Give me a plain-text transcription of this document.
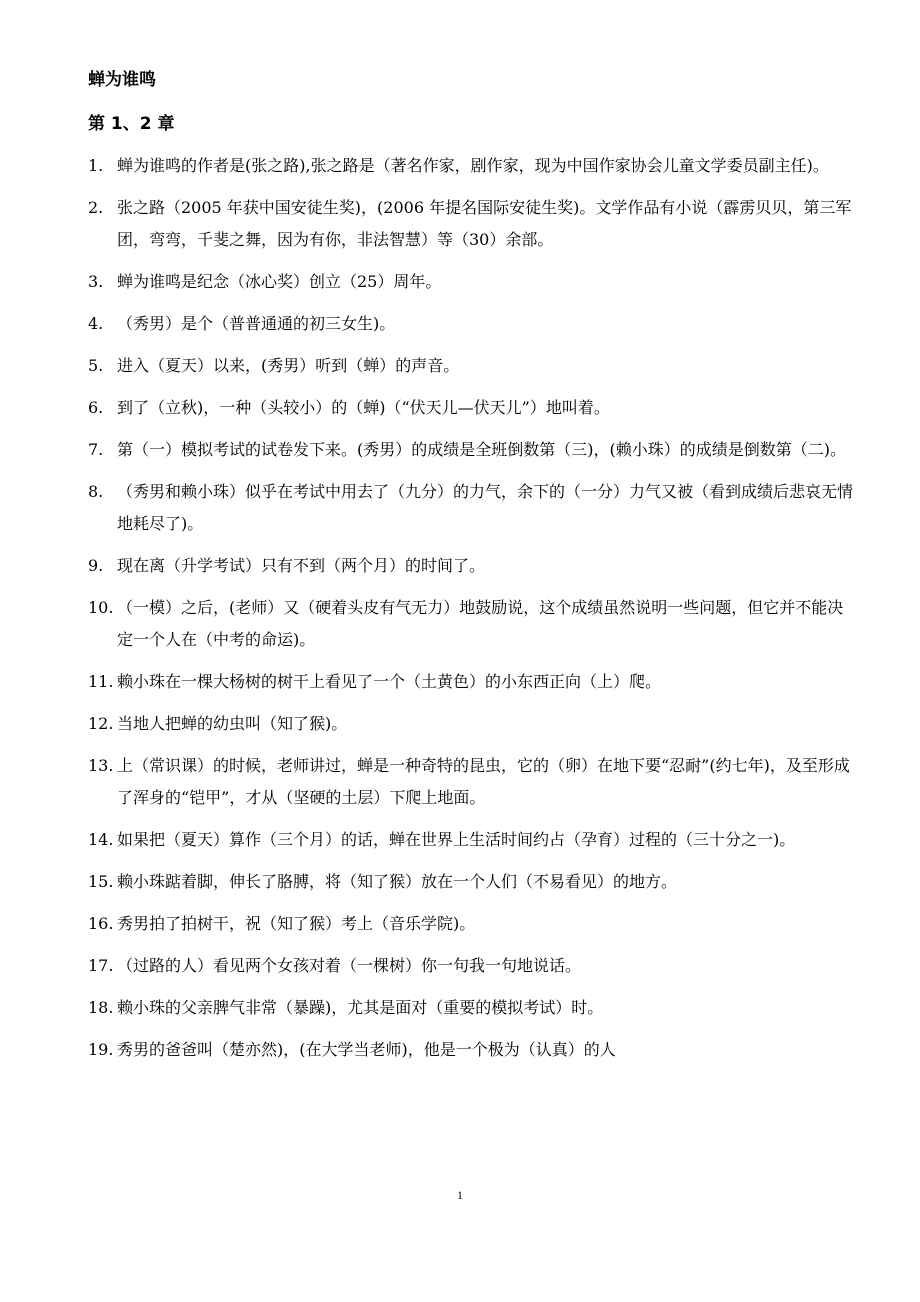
蝉为谁鸣
第 1、2 章
1. 蝉为谁鸣的作者是(张之路),张之路是（著名作家，剧作家，现为中国作家协会儿童文学委员副主任)。
2. 张之路（2005 年获中国安徒生奖)，(2006 年提名国际安徒生奖)。文学作品有小说（霹雳贝贝，第三军团，弯弯，千斐之舞，因为有你，非法智慧）等（30）余部。
3. 蝉为谁鸣是纪念（冰心奖）创立（25）周年。
4. （秀男）是个（普普通通的初三女生)。
5. 进入（夏天）以来，(秀男）听到（蝉）的声音。
6. 到了（立秋)，一种（头较小）的（蝉)（“伏天儿—伏天儿”）地叫着。
7. 第（一）模拟考试的试卷发下来。(秀男）的成绩是全班倒数第（三)，(赖小珠）的成绩是倒数第（二)。
8. （秀男和赖小珠）似乎在考试中用去了（九分）的力气，余下的（一分）力气又被（看到成绩后悲哀无情地耗尽了)。
9. 现在离（升学考试）只有不到（两个月）的时间了。
10. （一模）之后，(老师）又（硬着头皮有气无力）地鼓励说，这个成绩虽然说明一些问题，但它并不能决定一个人在（中考的命运)。
11. 赖小珠在一棵大杨树的树干上看见了一个（土黄色）的小东西正向（上）爬。
12. 当地人把蝉的幼虫叫（知了猴)。
13. 上（常识课）的时候，老师讲过，蝉是一种奇特的昆虫，它的（卵）在地下要“忍耐”(约七年)，及至形成了浑身的“铠甲”，才从（坚硬的土层）下爬上地面。
14. 如果把（夏天）算作（三个月）的话，蝉在世界上生活时间约占（孕育）过程的（三十分之一)。
15. 赖小珠踮着脚，伸长了胳膊，将（知了猴）放在一个人们（不易看见）的地方。
16. 秀男拍了拍树干，祝（知了猴）考上（音乐学院)。
17. （过路的人）看见两个女孩对着（一棵树）你一句我一句地说话。
18. 赖小珠的父亲脾气非常（暴躁)，尤其是面对（重要的模拟考试）时。
19. 秀男的爸爸叫（楚亦然)，(在大学当老师)，他是一个极为（认真）的人
1
